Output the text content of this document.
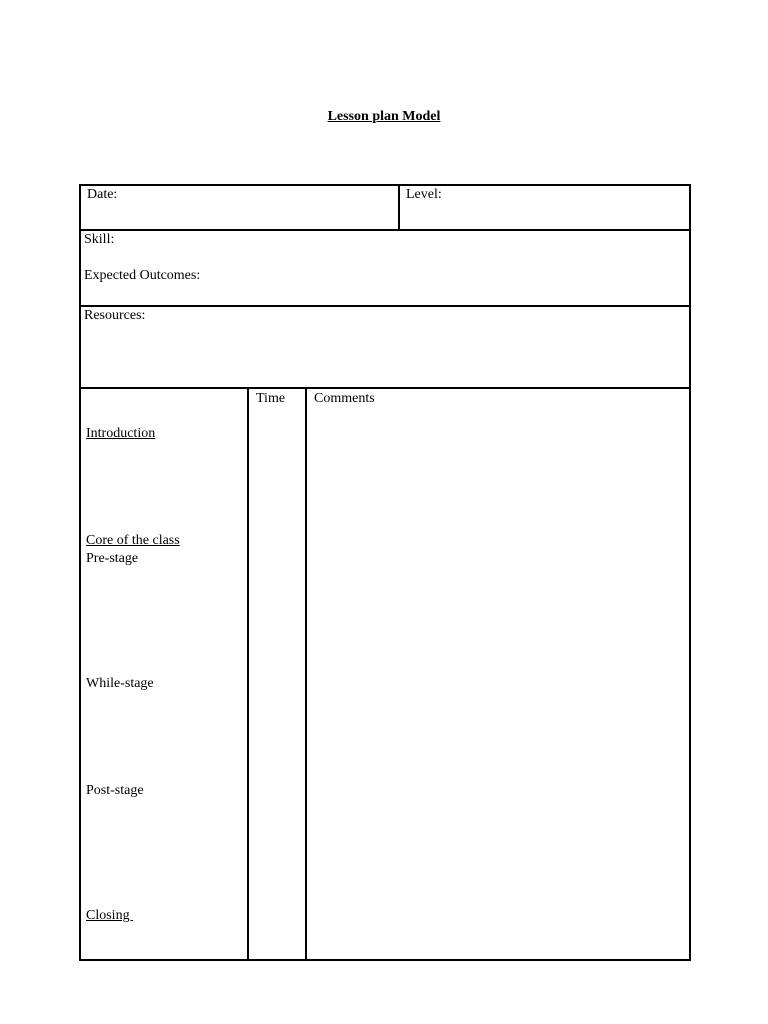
Lesson plan Model
Date:	Level:
Skill:
Expected Outcomes:
Resources:
Time Comments
Introduction
Core of the class
Pre-stage
While-stage
Post-stage
Closing
